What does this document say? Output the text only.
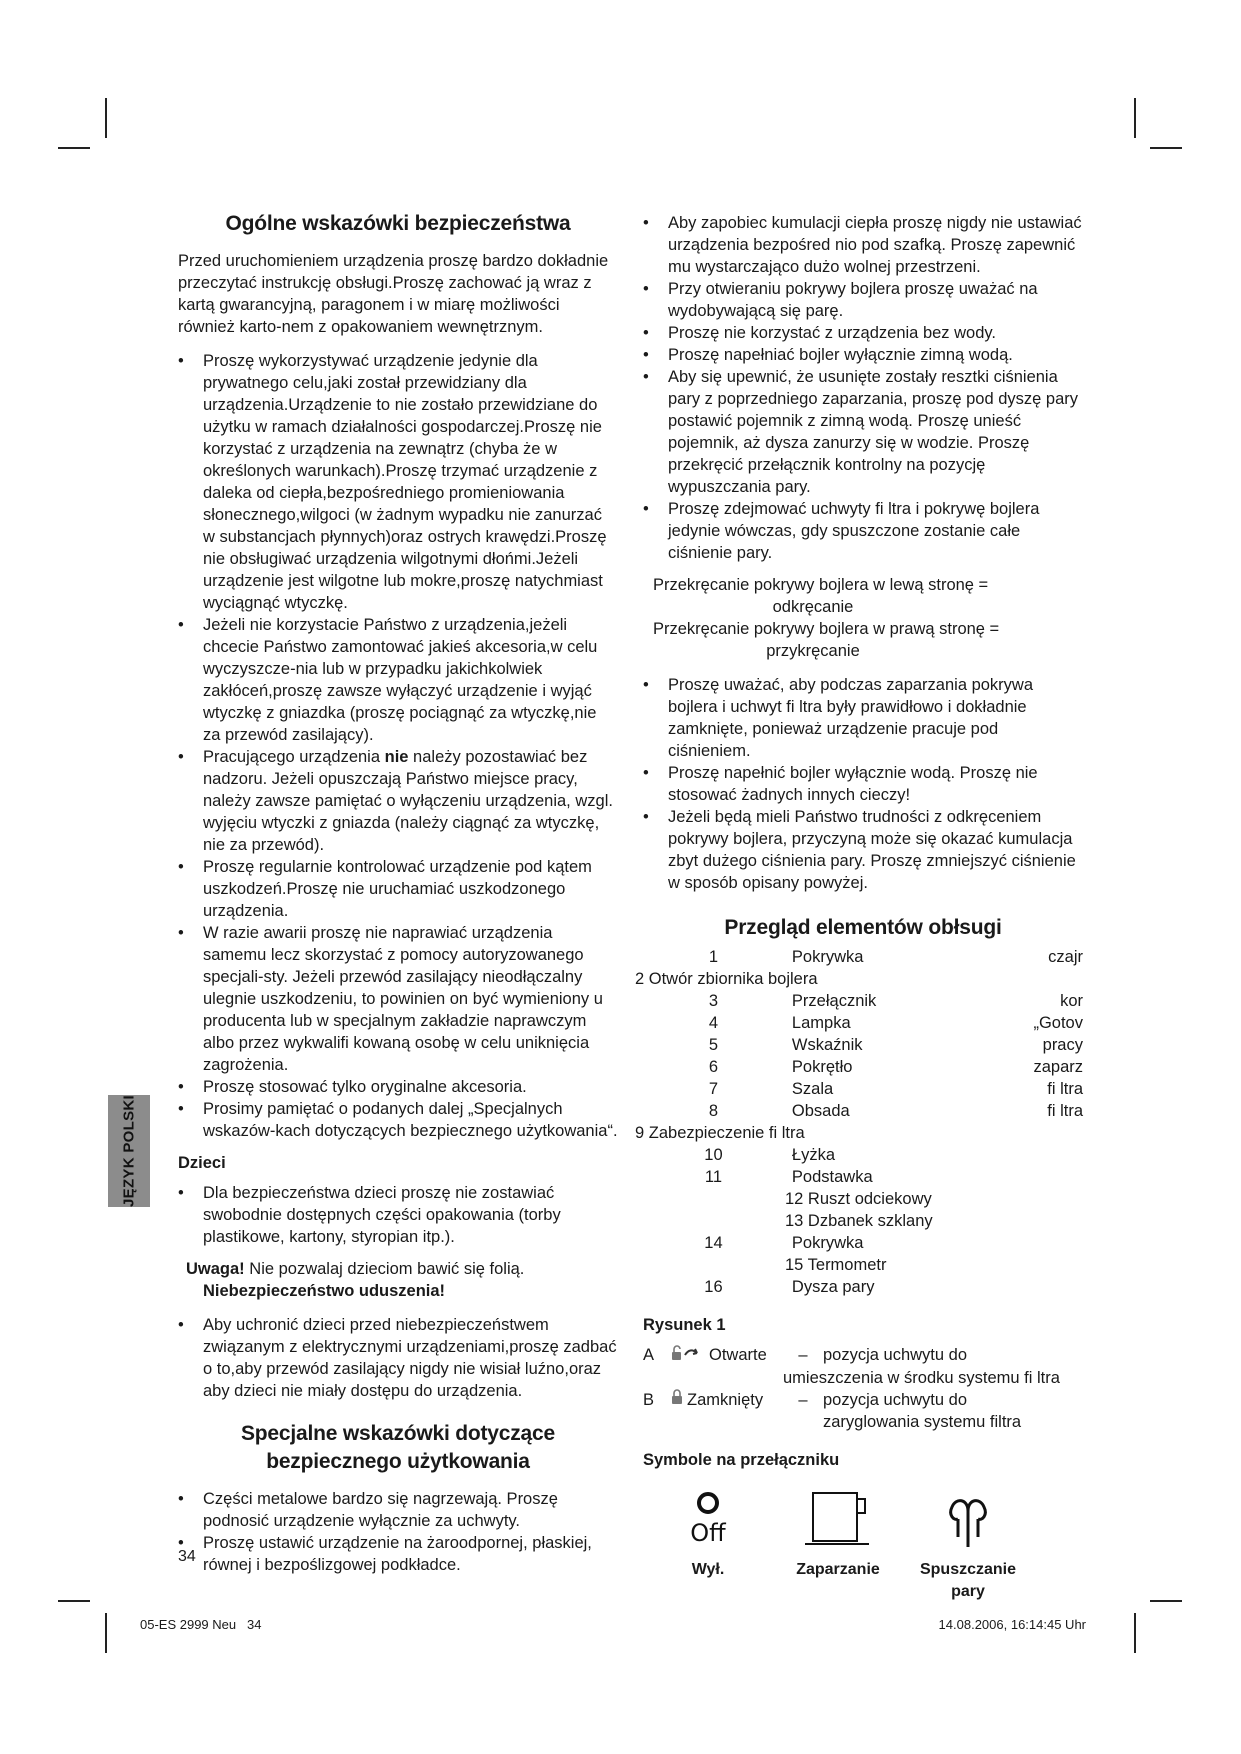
JĘZYK POLSKI
Ogólne wskazówki bezpieczeństwa

Przed uruchomieniem urządzenia proszę bardzo dokładnie przeczytać instrukcję obsługi.Proszę zachować ją wraz z kartą gwarancyjną, paragonem i w miarę możliwości również karto-nem z opakowaniem wewnętrznym.

• Proszę wykorzystywać urządzenie jedynie dla prywatnego celu,jaki został przewidziany dla urządzenia.Urządzenie to nie zostało przewidziane do użytku w ramach działalności gospodarczej.Proszę nie korzystać z urządzenia na zewnątrz (chyba że w określonych warunkach).Proszę trzymać urządzenie z daleka od ciepła,bezpośredniego promieniowania słonecznego,wilgoci (w żadnym wypadku nie zanurzać w substancjach płynnych)oraz ostrych krawędzi.Proszę nie obsługiwać urządzenia wilgotnymi dłońmi.Jeżeli urządzenie jest wilgotne lub mokre,proszę natychmiast wyciągnąć wtyczkę.
• Jeżeli nie korzystacie Państwo z urządzenia,jeżeli chcecie Państwo zamontować jakieś akcesoria,w celu wyczyszcze-nia lub w przypadku jakichkolwiek zakłóceń,proszę zawsze wyłączyć urządzenie i wyjąć wtyczkę z gniazdka (proszę pociągnąć za wtyczkę,nie za przewód zasilający).
• Pracującego urządzenia nie należy pozostawiać bez nadzoru. Jeżeli opuszczają Państwo miejsce pracy, należy zawsze pamiętać o wyłączeniu urządzenia, wzgl. wyjęciu wtyczki z gniazda (należy ciągnąć za wtyczkę, nie za przewód).
• Proszę regularnie kontrolować urządzenie pod kątem uszkodzeń.Proszę nie uruchamiać uszkodzonego urządzenia.
• W razie awarii proszę nie naprawiać urządzenia samemu lecz skorzystać z pomocy autoryzowanego specjali-sty. Jeżeli przewód zasilający nieodłączalny ulegnie uszkodzeniu, to powinien on być wymieniony u producenta lub w specjalnym zakładzie naprawczym albo przez wykwalifi kowaną osobę w celu uniknięcia zagrożenia.
• Proszę stosować tylko oryginalne akcesoria.
• Prosimy pamiętać o podanych dalej „Specjalnych wskazów-kach dotyczących bezpiecznego użytkowania“.
Dzieci
• Dla bezpieczeństwa dzieci proszę nie zostawiać swobodnie dostępnych części opakowania (torby plastikowe, kartony, styropian itp.).
Uwaga! Nie pozwalaj dzieciom bawić się folią.
Niebezpieczeństwo uduszenia!
• Aby uchronić dzieci przed niebezpieczeństwem związanym z elektrycznymi urządzeniami,proszę zadbać o to,aby przewód zasilający nigdy nie wisiał luźno,oraz aby dzieci nie miały dostępu do urządzenia.
Specjalne wskazówki dotyczące bezpiecznego użytkowania
• Części metalowe bardzo się nagrzewają. Proszę podnosić urządzenie wyłącznie za uchwyty.
• Proszę ustawić urządzenie na żaroodpornej, płaskiej, równej i bezpoślizgowej podkładce.
• Aby zapobiec kumulacji ciepła proszę nigdy nie ustawiać urządzenia bezpośred nio pod szafką. Proszę zapewnić mu wystarczająco dużo wolnej przestrzeni.
• Przy otwieraniu pokrywy bojlera proszę uważać na wydobywającą się parę.
• Proszę nie korzystać z urządzenia bez wody.
• Proszę napełniać bojler wyłącznie zimną wodą.
• Aby się upewnić, że usunięte zostały resztki ciśnienia pary z poprzedniego zaparzania, proszę pod dyszę pary postawić pojemnik z zimną wodą. Proszę unieść pojemnik, aż dysza zanurzy się w wodzie. Proszę przekręcić przełącznik kontrolny na pozycję wypuszczania pary.
• Proszę zdejmować uchwyty fi ltra i pokrywę bojlera jedynie wówczas, gdy spuszczone zostanie całe ciśnienie pary.
Przekręcanie pokrywy bojlera w lewą stronę =
odkręcanie
Przekręcanie pokrywy bojlera w prawą stronę =
przykręcanie
• Proszę uważać, aby podczas zaparzania pokrywa bojlera i uchwyt fi ltra były prawidłowo i dokładnie zamknięte, ponieważ urządzenie pracuje pod ciśnieniem.
• Proszę napełnić bojler wyłącznie wodą. Proszę nie stosować żadnych innych cieczy!
• Jeżeli będą mieli Państwo trudności z odkręceniem pokrywy bojlera, przyczyną może się okazać kumulacja zbyt dużego ciśnienia pary. Proszę zmniejszyć ciśnienie w sposób opisany powyżej.
Przegląd elementów obłsugi
1	Pokrywka	czajr
2 Otwór zbiornika bojlera		
3	Przełącznik	kor
4	Lampka	„Gotov
5	Wskaźnik	pracy
6	Pokrętło	zaparz
7	Szala	fi ltra
8	Obsada	fi ltra
9 Zabezpieczenie fi ltra		
10	Łyżka	
11	Podstawka	
12 Ruszt odciekowy		
13 Dzbanek szklany		
14	Pokrywka	
15 Termometr		
16	Dysza pary	
Rysunek 1
A	Otwarte	– pozycja uchwytu do
umieszczenia w środku systemu fi ltra
B	Zamknięty	– pozycja uchwytu do
zaryglowania systemu filtra
Symbole na przełączniku
Off
Wył.	Zaparzanie	Spuszczanie pary
34
05-ES 2999 Neu   34	14.08.2006, 16:14:45 Uhr
